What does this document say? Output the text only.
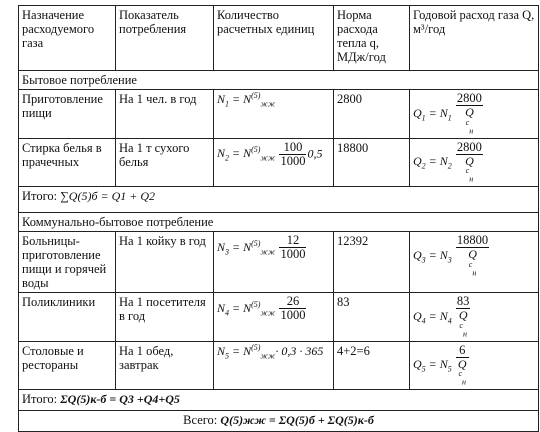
Назначение расходуемого газа	Показатель потребления	Количество расчетных единиц	Норма расхода тепла q, МДж/год	Годовой расход газа Q, м³/год
Бытовое потребление				
Приготовление пищи	На 1 чел. в год	$N_1 = N^{(5)}_{жж}$	2800	$Q_1 = N_1$ 2800
Q
$^с_н$

Стирка белья в прачечных	На 1 т сухого белья	$N_2 = N^{(5)}_{жж} \frac{100}{1000} 0,5$	18800	$Q_2 = N_2$ 2800
Q
$^с_н$

Итого: ∑Q(5)б = Q1 + Q2				
Коммунально-бытовое потребление				
Больницы- приготовление пищи и горячей воды	На 1 койку в год	$N_3 = N^{(5)}_{жж} \frac{12}{1000}$	12392	$Q_3 = N_3$ 18800
Q
$^с_н$

Поликлиники	На 1 посетителя в год	$N_4 = N^{(5)}_{жж} \frac{26}{1000}$	83	$Q_4 = N_4$ 83
Q
$^с_н$

Столовые и рестораны	На 1 обед, завтрак	$N_5 = N^{(5)}_{жж}\cdot 0,3 \cdot 365$	4+2=6	$Q_5 = N_5$ 6
Q
$^с_н$

Итого: ΣQ(5)к-б = Q3 +Q4+Q5				
Всего: Q(5)жж = ΣQ(5)б + ΣQ(5)к-б				
